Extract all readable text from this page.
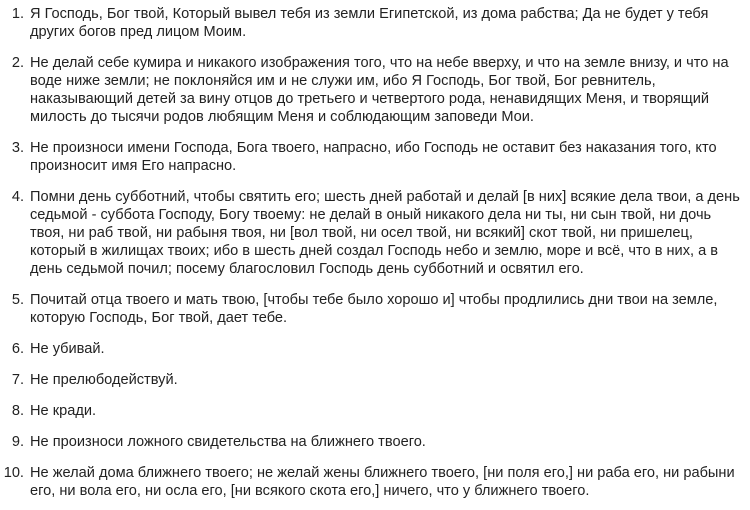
1. Я Господь, Бог твой, Который вывел тебя из земли Египетской, из дома рабства; Да не будет у тебя других богов пред лицом Моим.
2. Не делай себе кумира и никакого изображения того, что на небе вверху, и что на земле внизу, и что на воде ниже земли; не поклоняйся им и не служи им, ибо Я Господь, Бог твой, Бог ревнитель, наказывающий детей за вину отцов до третьего и четвертого рода, ненавидящих Меня, и творящий милость до тысячи родов любящим Меня и соблюдающим заповеди Мои.
3. Не произноси имени Господа, Бога твоего, напрасно, ибо Господь не оставит без наказания того, кто произносит имя Его напрасно.
4. Помни день субботний, чтобы святить его; шесть дней работай и делай [в них] всякие дела твои, а день седьмой - суббота Господу, Богу твоему: не делай в оный никакого дела ни ты, ни сын твой, ни дочь твоя, ни раб твой, ни рабыня твоя, ни [вол твой, ни осел твой, ни всякий] скот твой, ни пришелец, который в жилищах твоих; ибо в шесть дней создал Господь небо и землю, море и всё, что в них, а в день седьмой почил; посему благословил Господь день субботний и освятил его.
5. Почитай отца твоего и мать твою, [чтобы тебе было хорошо и] чтобы продлились дни твои на земле, которую Господь, Бог твой, дает тебе.
6. Не убивай.
7. Не прелюбодействуй.
8. Не кради.
9. Не произноси ложного свидетельства на ближнего твоего.
10. Не желай дома ближнего твоего; не желай жены ближнего твоего, [ни поля его,] ни раба его, ни рабыни его, ни вола его, ни осла его, [ни всякого скота его,] ничего, что у ближнего твоего.
